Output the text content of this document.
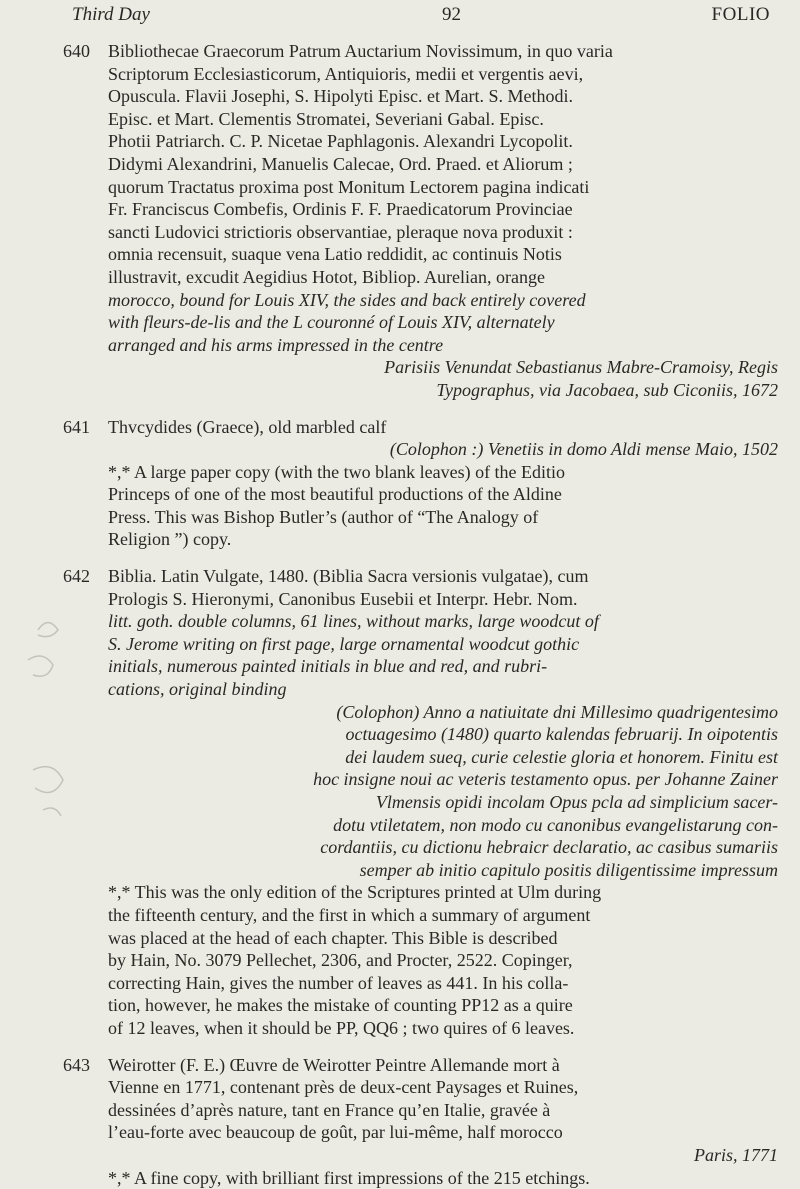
Third Day	92	FOLIO
640 Bibliothecae Graecorum Patrum Auctarium Novissimum, in quo varia
Scriptorum Ecclesiasticorum, Antiquioris, medii et vergentis aevi,
Opuscula. Flavii Josephi, S. Hipolyti Episc. et Mart. S. Methodi.
Episc. et Mart. Clementis Stromatei, Severiani Gabal. Episc.
Photii Patriarch. C. P. Nicetae Paphlagonis. Alexandri Lycopolit.
Didymi Alexandrini, Manuelis Calecae, Ord. Praed. et Aliorum ;
quorum Tractatus proxima post Monitum Lectorem pagina indicati
Fr. Franciscus Combefis, Ordinis F. F. Praedicatorum Provinciae
sancti Ludovici strictioris observantiae, pleraque nova produxit :
omnia recensuit, suaque vena Latio reddidit, ac continuis Notis
illustravit, excudit Aegidius Hotot, Bibliop. Aurelian, orange
morocco, bound for Louis XIV, the sides and back entirely covered
with fleurs-de-lis and the L couronné of Louis XIV, alternately
arranged and his arms impressed in the centre
Parisiis Venundat Sebastianus Mabre-Cramoisy, Regis
Typographus, via Jacobaea, sub Ciconiis, 1672
641 Thvcydides (Graece), old marbled calf
(Colophon :) Venetiis in domo Aldi mense Maio, 1502
*,* A large paper copy (with the two blank leaves) of the Editio
Princeps of one of the most beautiful productions of the Aldine
Press. This was Bishop Butler’s (author of “The Analogy of
Religion ”) copy.
642 Biblia. Latin Vulgate, 1480. (Biblia Sacra versionis vulgatae), cum
Prologis S. Hieronymi, Canonibus Eusebii et Interpr. Hebr. Nom.
litt. goth. double columns, 61 lines, without marks, large woodcut of
S. Jerome writing on first page, large ornamental woodcut gothic
initials, numerous painted initials in blue and red, and rubri-
cations, original binding
(Colophon) Anno a natiuitate dni Millesimo quadrigentesimo
octuagesimo (1480) quarto kalendas februarij. In oipotentis
dei laudem sueq, curie celestie gloria et honorem. Finitu est
hoc insigne noui ac veteris testamento opus. per Johanne Zainer
Vlmensis opidi incolam Opus pcla ad simplicium sacer-
dotu vtiletatem, non modo cu canonibus evangelistarung con-
cordantiis, cu dictionu hebraicr declaratio, ac casibus sumariis
semper ab initio capitulo positis diligentissime impressum
*,* This was the only edition of the Scriptures printed at Ulm during
the fifteenth century, and the first in which a summary of argument
was placed at the head of each chapter. This Bible is described
by Hain, No. 3079 Pellechet, 2306, and Procter, 2522. Copinger,
correcting Hain, gives the number of leaves as 441. In his colla-
tion, however, he makes the mistake of counting PP12 as a quire
of 12 leaves, when it should be PP, QQ6 ; two quires of 6 leaves.
643 Weirotter (F. E.) Œuvre de Weirotter Peintre Allemande mort à
Vienne en 1771, contenant près de deux-cent Paysages et Ruines,
dessinées d’après nature, tant en France qu’en Italie, gravée à
l’eau-forte avec beaucoup de goût, par lui-même, half morocco
Paris, 1771
*,* A fine copy, with brilliant first impressions of the 215 etchings.
